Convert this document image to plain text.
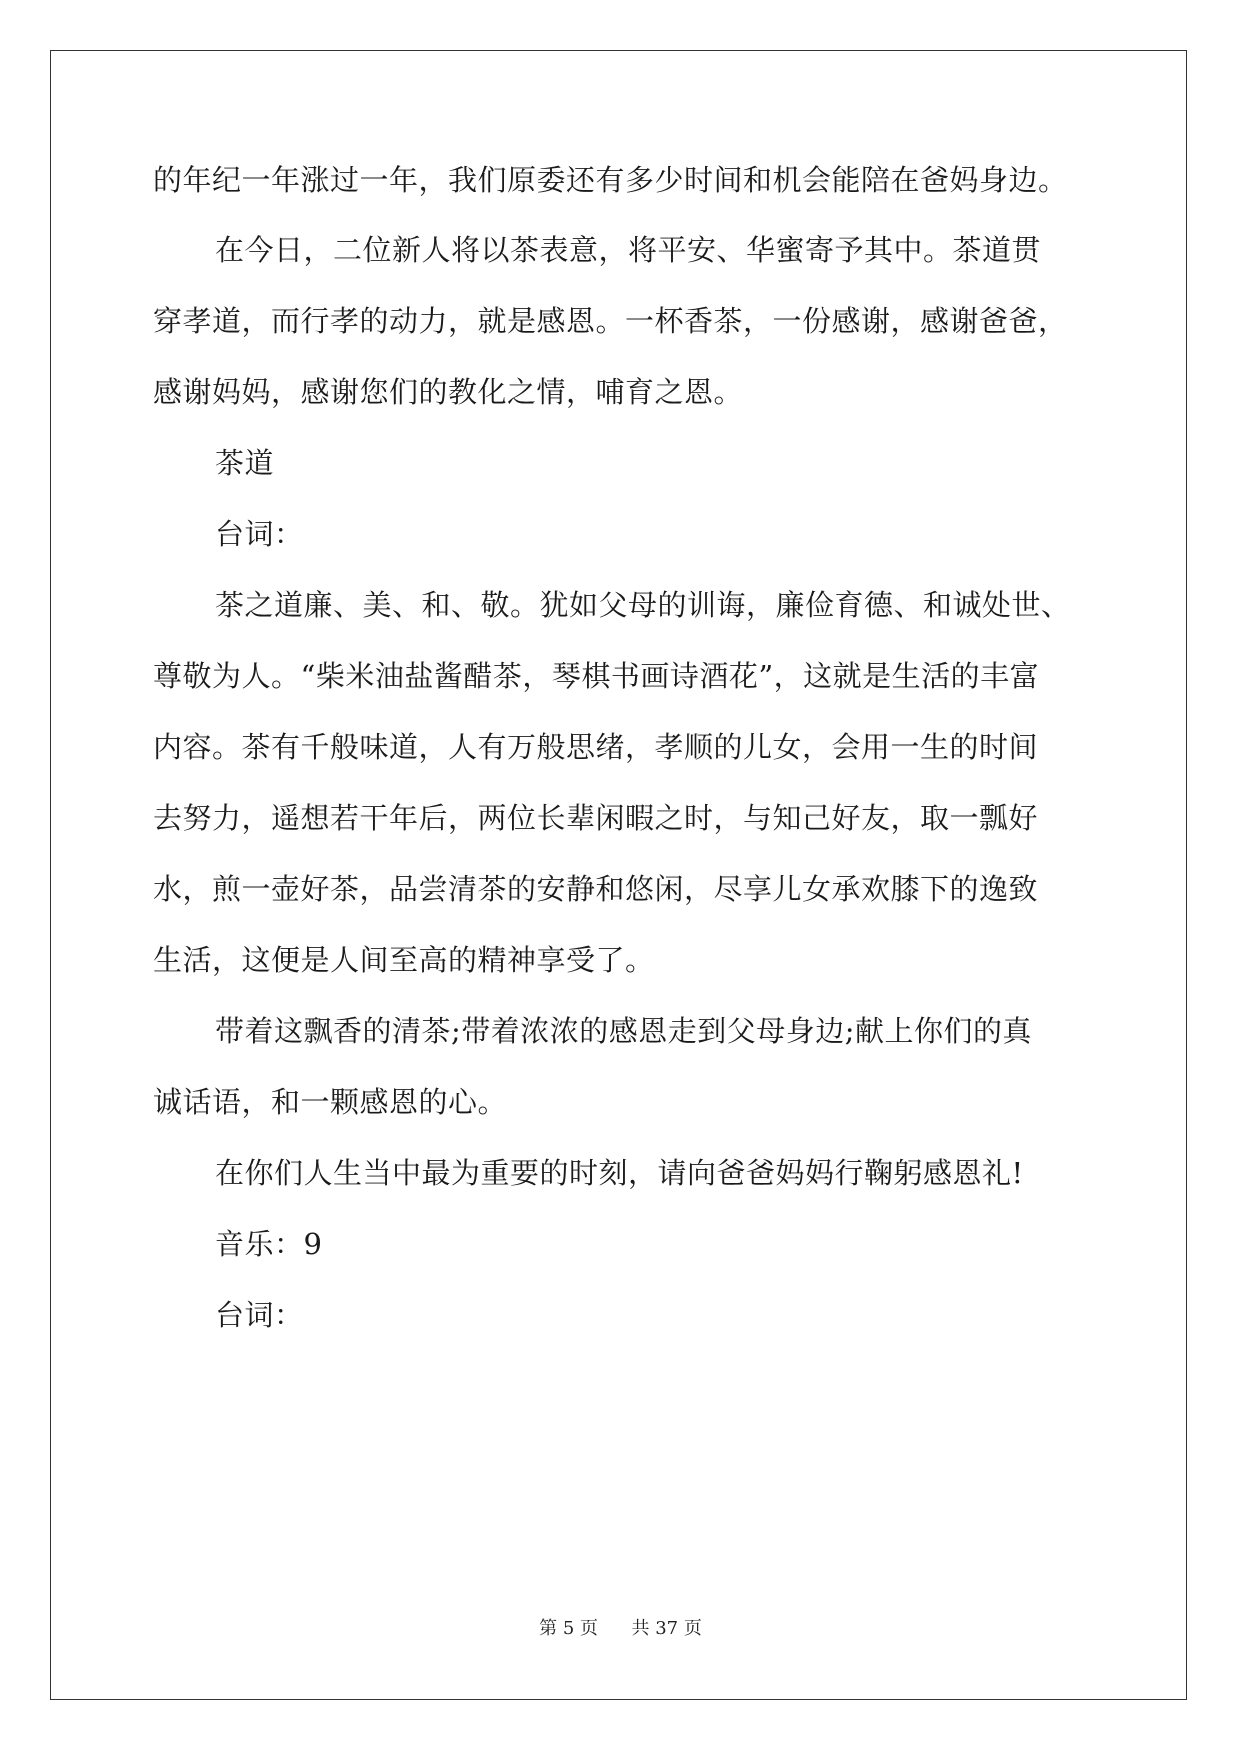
的年纪一年涨过一年，我们原委还有多少时间和机会能陪在爸妈身边。
在今日，二位新人将以茶表意，将平安、华蜜寄予其中。茶道贯
穿孝道，而行孝的动力，就是感恩。一杯香茶，一份感谢，感谢爸爸，
感谢妈妈，感谢您们的教化之情，哺育之恩。
茶道
台词：
茶之道廉、美、和、敬。犹如父母的训诲，廉俭育德、和诚处世、
尊敬为人。“柴米油盐酱醋茶，琴棋书画诗酒花”，这就是生活的丰富
内容。茶有千般味道，人有万般思绪，孝顺的儿女，会用一生的时间
去努力，遥想若干年后，两位长辈闲暇之时，与知己好友，取一瓢好
水，煎一壶好茶，品尝清茶的安静和悠闲，尽享儿女承欢膝下的逸致
生活，这便是人间至高的精神享受了。
带着这飘香的清茶;带着浓浓的感恩走到父母身边;献上你们的真
诚话语，和一颗感恩的心。
在你们人生当中最为重要的时刻，请向爸爸妈妈行鞠躬感恩礼!
音乐：9
台词：
第 5 页 共 37 页
